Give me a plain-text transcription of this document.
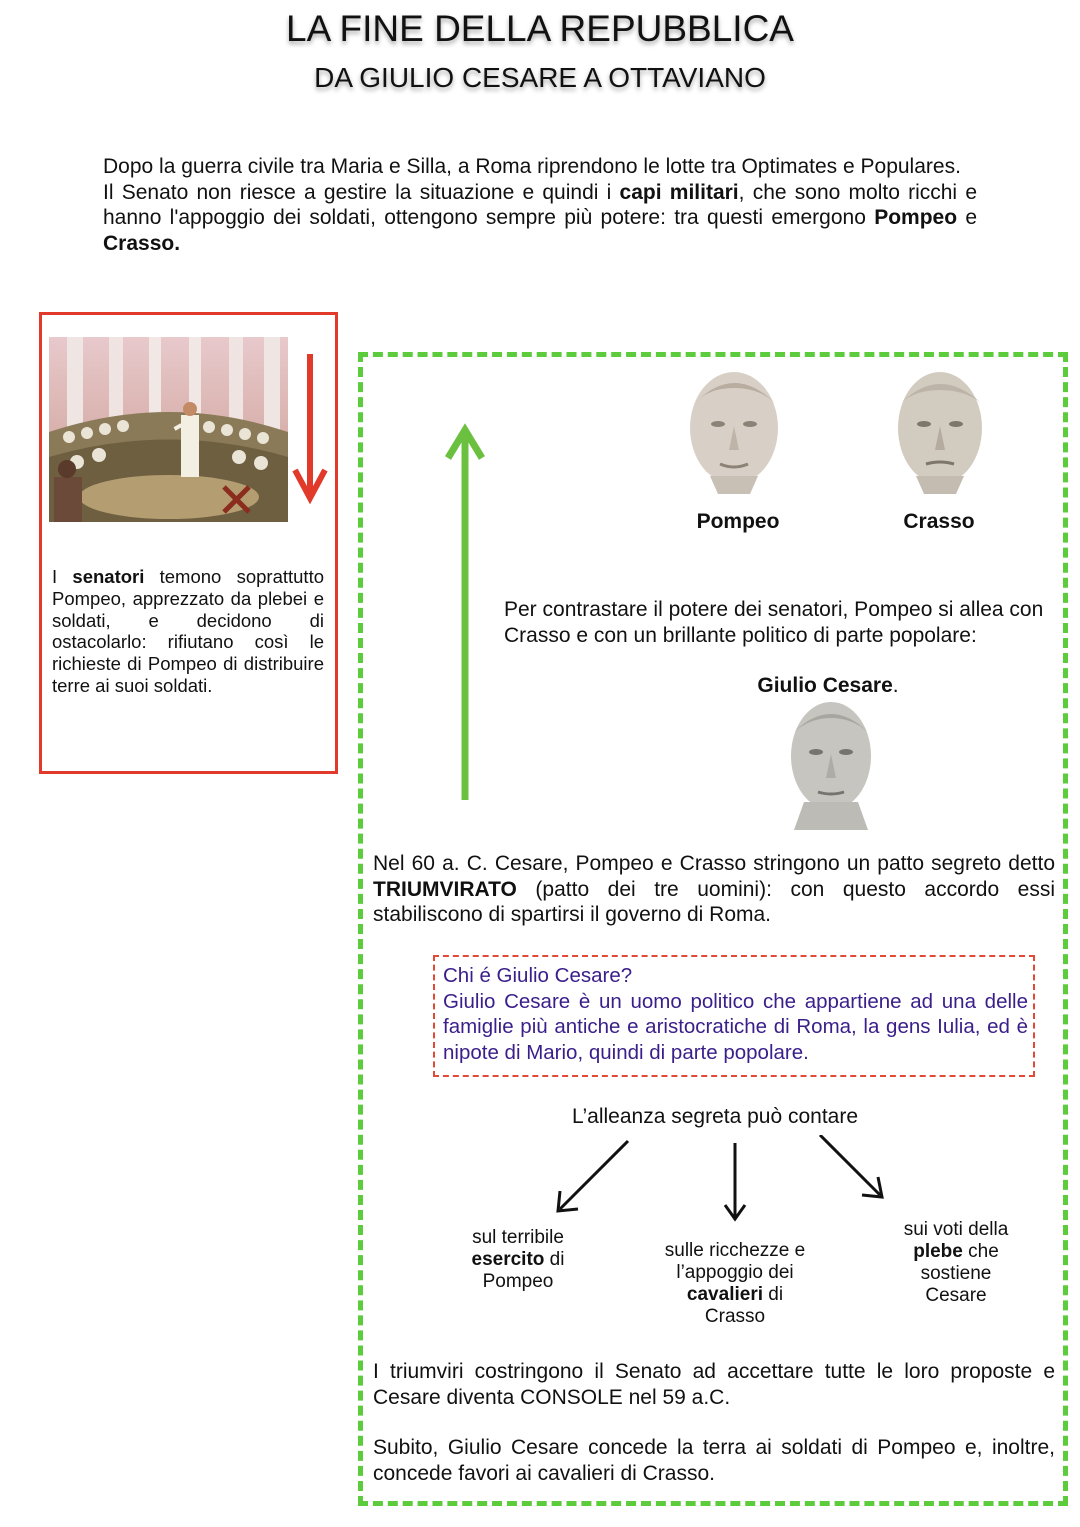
LA FINE DELLA REPUBBLICA
DA GIULIO CESARE A OTTAVIANO
Dopo la guerra civile tra Maria e Silla, a Roma riprendono le lotte tra Optimates e Populares.
Il Senato non riesce a gestire la situazione e quindi i capi militari, che sono molto ricchi e hanno l'appoggio dei soldati, ottengono sempre più potere: tra questi emergono Pompeo e Crasso.
I senatori temono soprattutto Pompeo, apprezzato da plebei e soldati, e decidono di ostacolarlo: rifiutano così le richieste di Pompeo di distribuire terre ai suoi soldati.
Pompeo	Crasso
Per contrastare il potere dei senatori, Pompeo si allea con Crasso e con un brillante politico di parte popolare:
Giulio Cesare.
Nel 60 a. C. Cesare, Pompeo e Crasso stringono un patto segreto detto TRIUMVIRATO (patto dei tre uomini): con questo accordo essi stabiliscono di spartirsi il governo di Roma.
Chi é Giulio Cesare?
Giulio Cesare è un uomo politico che appartiene ad una delle famiglie più antiche e aristocratiche di Roma, la gens Iulia, ed è nipote di Mario, quindi di parte popolare.
L’alleanza segreta può contare
sul terribile
esercito di
Pompeo
sulle ricchezze e
l’appoggio dei
cavalieri di
Crasso
sui voti della
plebe che
sostiene
Cesare
I triumviri costringono il Senato ad accettare tutte le loro proposte e Cesare diventa CONSOLE nel 59 a.C.
Subito, Giulio Cesare concede la terra ai soldati di Pompeo e, inoltre, concede favori ai cavalieri di Crasso.
